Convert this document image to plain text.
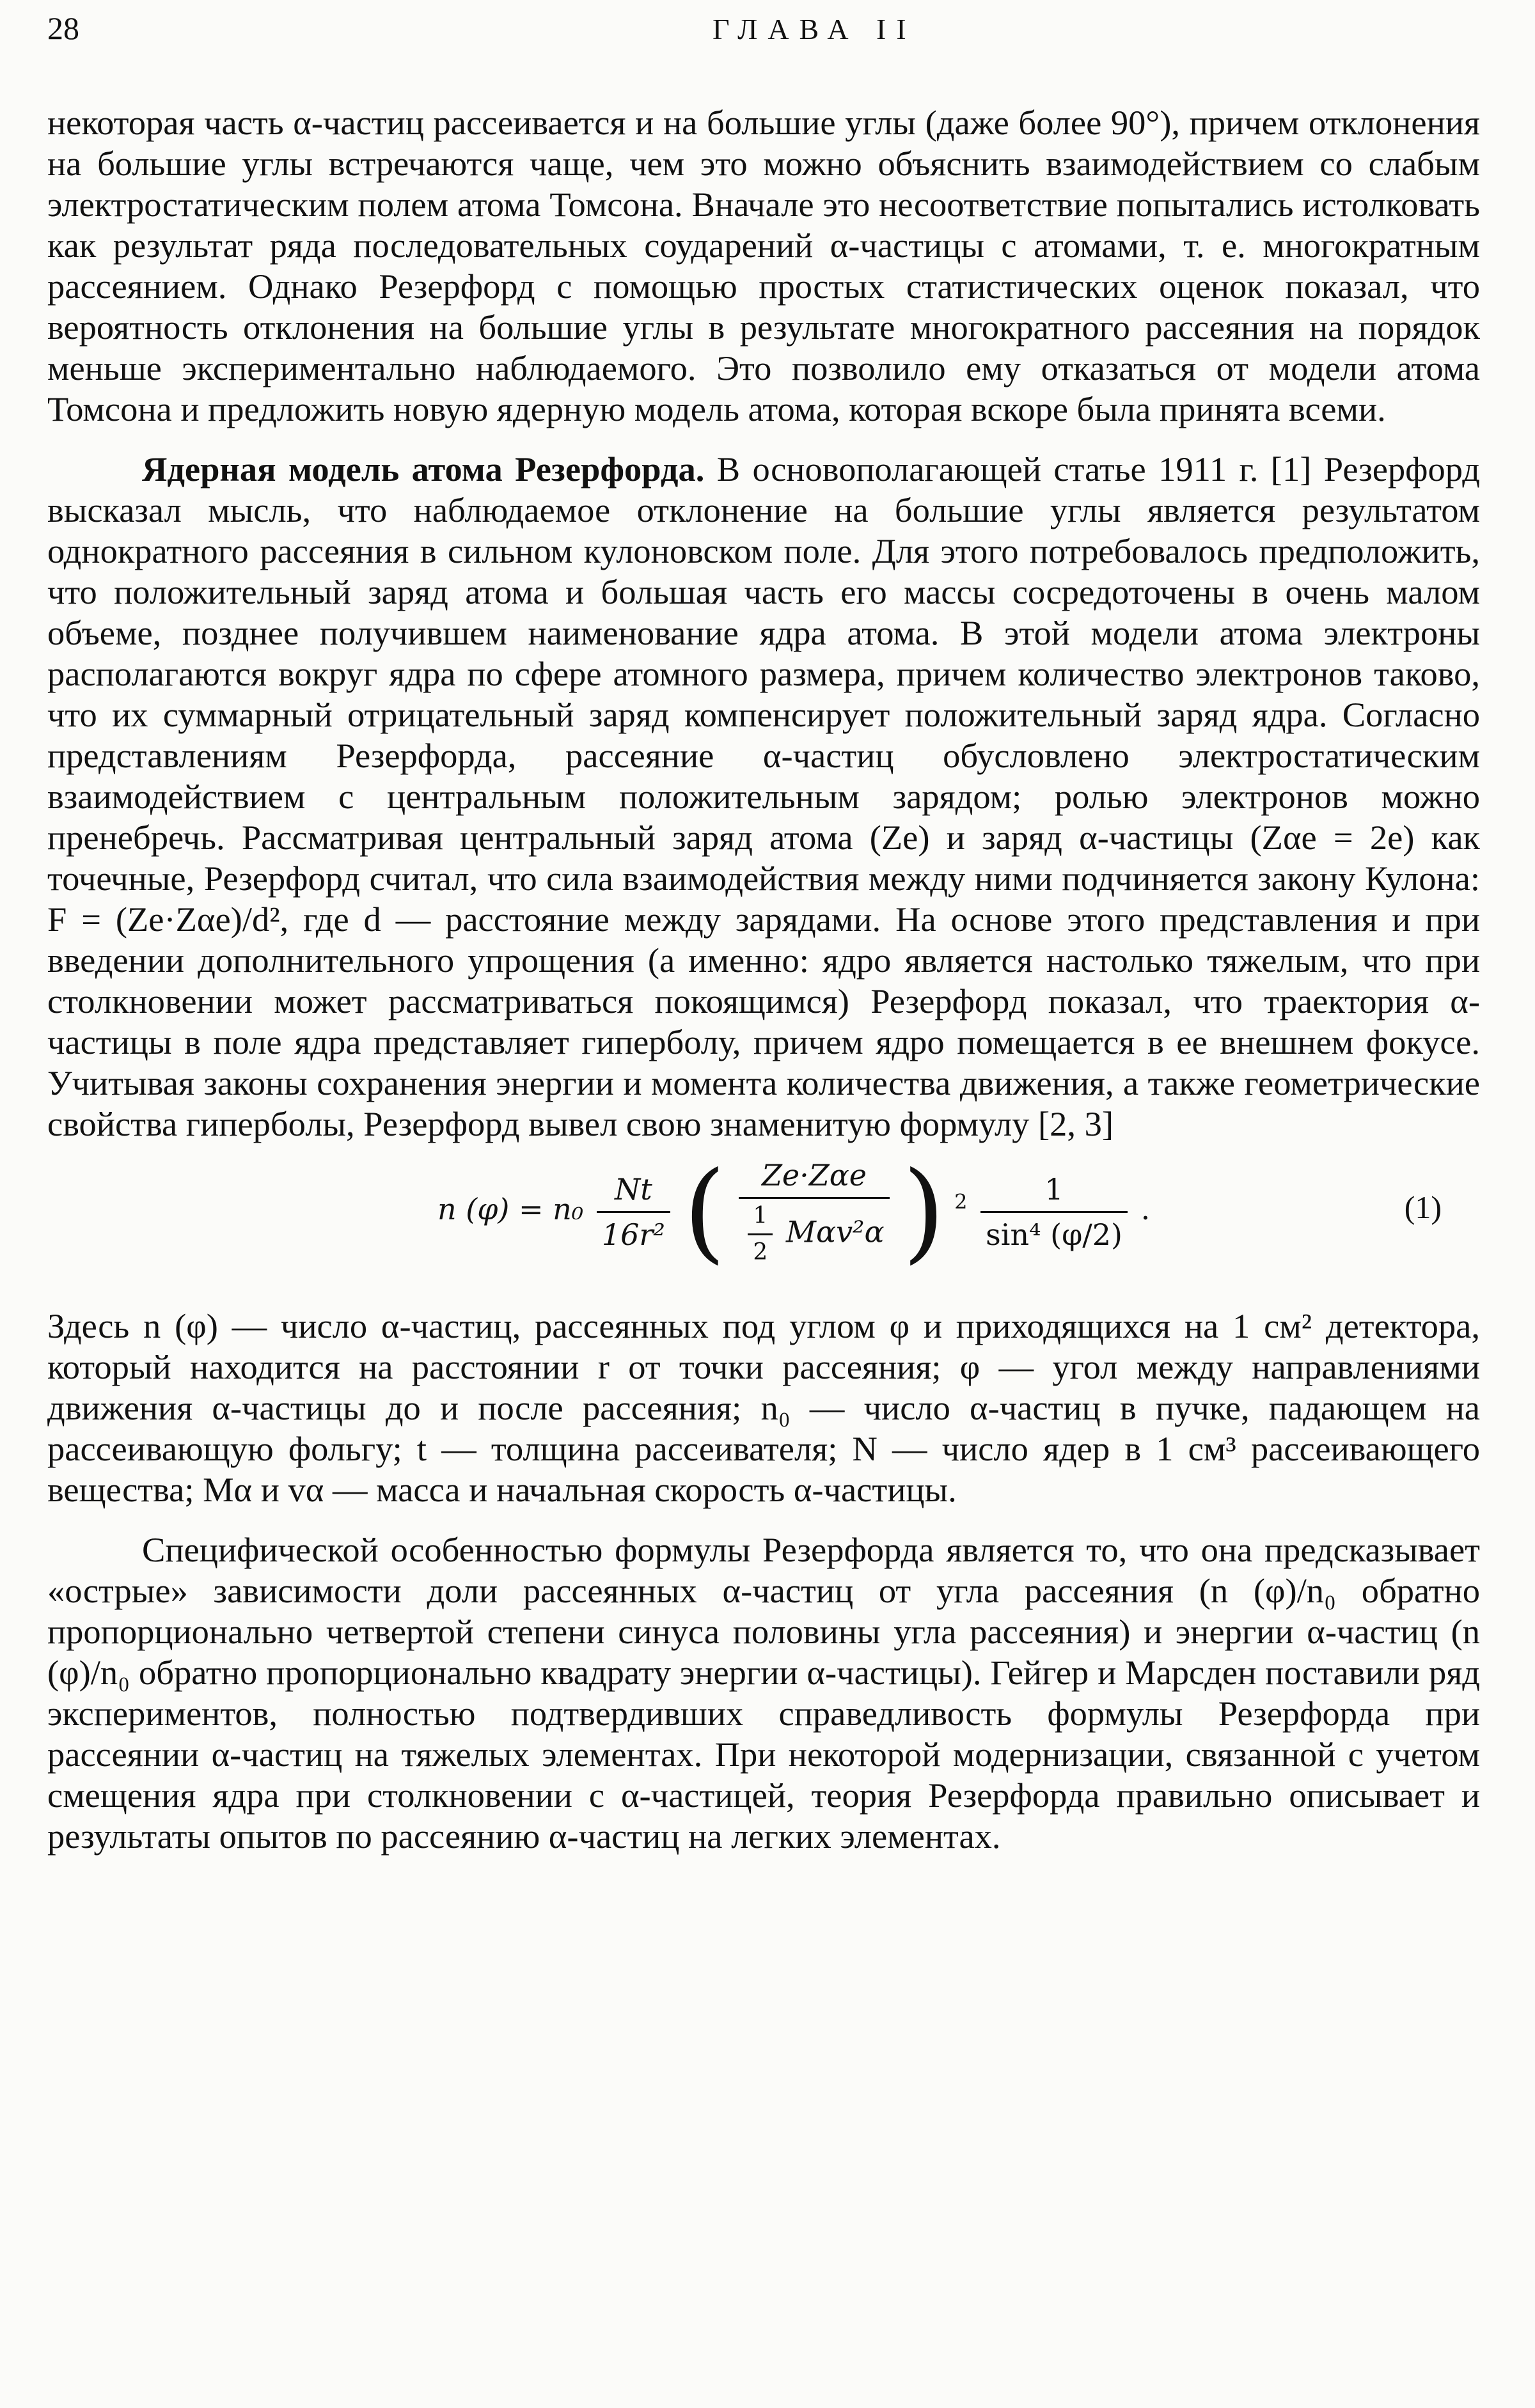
28	ГЛАВА II

некоторая часть α-частиц рассеивается и на большие углы (даже более 90°), причем отклонения на большие углы встречаются чаще, чем это можно объяснить взаимодействием со слабым электростатическим полем атома Томсона. Вначале это несоответствие попытались истолковать как результат ряда последовательных соударений α-частицы с атомами, т. е. многократным рассеянием. Однако Резерфорд с помощью простых статистических оценок показал, что вероятность отклонения на большие углы в результате многократного рассеяния на порядок меньше экспериментально наблюдаемого. Это позволило ему отказаться от модели атома Томсона и предложить новую ядерную модель атома, которая вскоре была принята всеми.

Ядерная модель атома Резерфорда. В основополагающей статье 1911 г. [1] Резерфорд высказал мысль, что наблюдаемое отклонение на большие углы является результатом однократного рассеяния в сильном кулоновском поле. Для этого потребовалось предположить, что положительный заряд атома и большая часть его массы сосредоточены в очень малом объеме, позднее получившем наименование ядра атома. В этой модели атома электроны располагаются вокруг ядра по сфере атомного размера, причем количество электронов таково, что их суммарный отрицательный заряд компенсирует положительный заряд ядра. Согласно представлениям Резерфорда, рассеяние α-частиц обусловлено электростатическим взаимодействием с центральным положительным зарядом; ролью электронов можно пренебречь. Рассматривая центральный заряд атома (Ze) и заряд α-частицы (Zαe = 2e) как точечные, Резерфорд считал, что сила взаимодействия между ними подчиняется закону Кулона: F = (Ze·Zαe)/d², где d — расстояние между зарядами. На основе этого представления и при введении дополнительного упрощения (а именно: ядро является настолько тяжелым, что при столкновении может рассматриваться покоящимся) Резерфорд показал, что траектория α-частицы в поле ядра представляет гиперболу, причем ядро помещается в ее внешнем фокусе. Учитывая законы сохранения энергии и момента количества движения, а также геометрические свойства гиперболы, Резерфорд вывел свою знаменитую формулу [2, 3]

n $(\varphi) = n_0 \frac{Nt}{\text{16r²}}$ ( $\frac{\text{Ze·Zαe}}{\frac{1}{2} M\alpha v^2\alpha}$ ) $^2 \frac{1}{\text{sin⁴ (φ/2)}}$ .	(1)

Здесь n (φ) — число α-частиц, рассеянных под углом φ и приходящихся на 1 см² детектора, который находится на расстоянии r от точки рассеяния; φ — угол между направлениями движения α-частицы до и после рассеяния; n₀ — число α-частиц в пучке, падающем на рассеивающую фольгу; t — толщина рассеивателя; N — число ядер в 1 см³ рассеивающего вещества; Mα и vα — масса и начальная скорость α-частицы.

Специфической особенностью формулы Резерфорда является то, что она предсказывает «острые» зависимости доли рассеянных α-частиц от угла рассеяния (n (φ)/n₀ обратно пропорционально четвертой степени синуса половины угла рассеяния) и энергии α-частиц (n (φ)/n₀ обратно пропорционально квадрату энергии α-частицы). Гейгер и Марсден поставили ряд экспериментов, полностью подтвердивших справедливость формулы Резерфорда при рассеянии α-частиц на тяжелых элементах. При некоторой модернизации, связанной с учетом смещения ядра при столкновении с α-частицей, теория Резерфорда правильно описывает и результаты опытов по рассеянию α-частиц на легких элементах.
